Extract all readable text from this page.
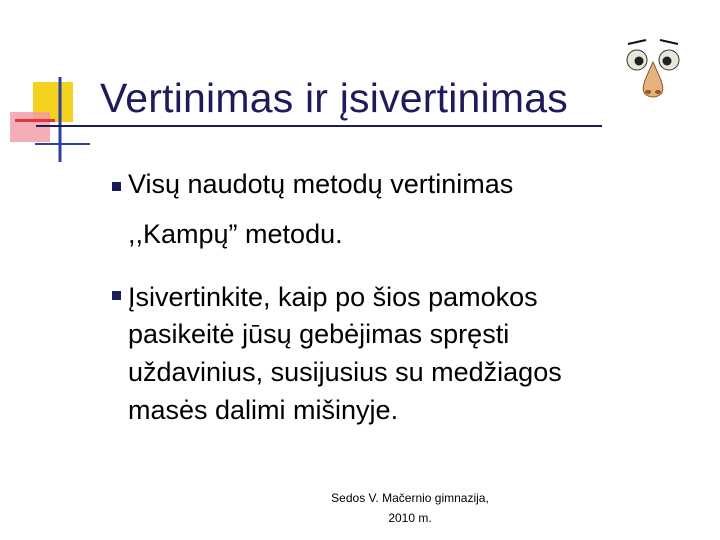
Vertinimas ir įsivertinimas
Visų naudotų metodų vertinimas
,,Kampų” metodu.
Įsivertinkite, kaip po šios pamokos
pasikeitė jūsų gebėjimas spręsti
uždavinius, susijusius su medžiagos
masės dalimi mišinyje.
Sedos V. Mačernio gimnazija,
2010 m.
